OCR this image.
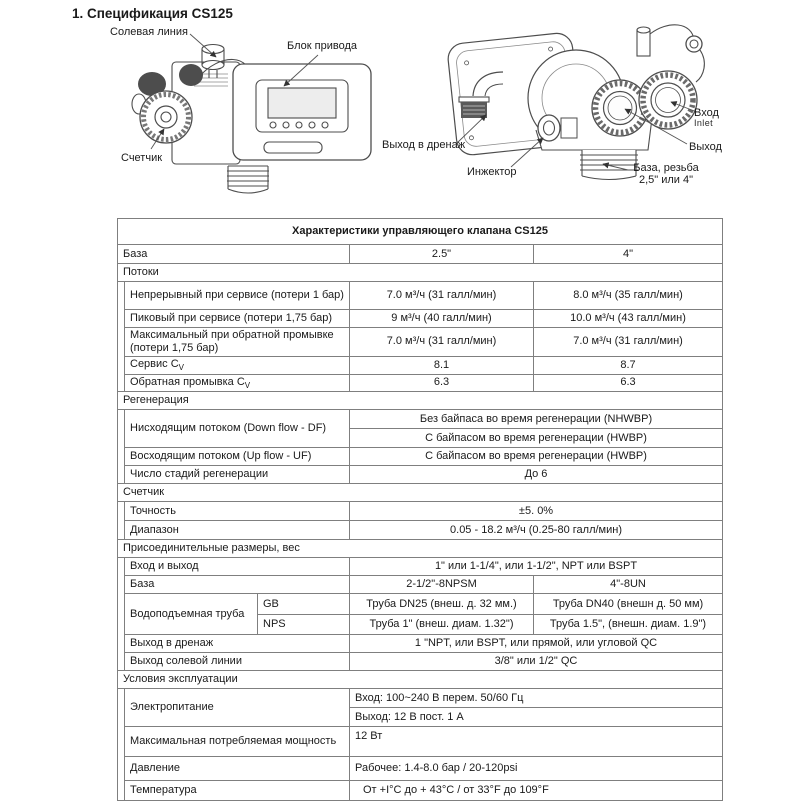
1. Спецификация CS125
Солевая линия
Блок привода
Счетчик
Выход в дренаж
Инжектор
Вход
Inlet
Выход
База, резьба
2,5" или 4"
Характеристики управляющего клапана CS125				
База			2.5"	4"
Потоки				
	Непрерывный при сервисе (потери 1 бар)		7.0 м³/ч (31 галл/мин)	8.0 м³/ч (35 галл/мин)
	Пиковый при сервисе (потери 1,75 бар)		9 м³/ч (40 галл/мин)	10.0 м³/ч (43 галл/мин)
	Максимальный при обратной промывке (потери 1,75 бар)		7.0 м³/ч (31 галл/мин)	7.0 м³/ч (31 галл/мин)
	Сервис $C_V$		8.1	8.7
	Обратная промывка $C_V$		6.3	6.3
Регенерация				
	Нисходящим потоком (Down flow - DF)		Без байпаса во время регенерации (NHWBP)	
			С байпасом во время регенерации (HWBP)	
	Восходящим потоком (Up flow - UF)		С байпасом во время регенерации (HWBP)	
	Число стадий регенерации		До 6	
Счетчик				
	Точность		±5. 0%	
	Диапазон		0.05 - 18.2 м³/ч (0.25-80 галл/мин)	
Присоединительные размеры, вес				
	Вход и выход		1" или 1-1/4", или 1-1/2", NPT или BSPT	
	База		2-1/2"-8NPSM	4"-8UN
	Водоподъемная труба	GB	Труба DN25 (внеш. д. 32 мм.)	Труба DN40 (внешн д. 50 мм)
		NPS	Труба 1" (внеш. диам. 1.32")	Труба 1.5", (внешн. диам. 1.9")
	Выход в дренаж		1 "NPT, или BSPT, или прямой, или угловой QC	
	Выход солевой линии		3/8" или 1/2" QC	
Условия эксплуатации				
	Электропитание		Вход: 100~240 В перем. 50/60 Гц	
			Выход: 12 В пост. 1 А	
	Максимальная потребляемая мощность		12 Вт	
	Давление		Рабочее: 1.4-8.0 бар / 20-120psi	
	Температура		От +I°C до + 43°C / от 33°F до 109°F	
